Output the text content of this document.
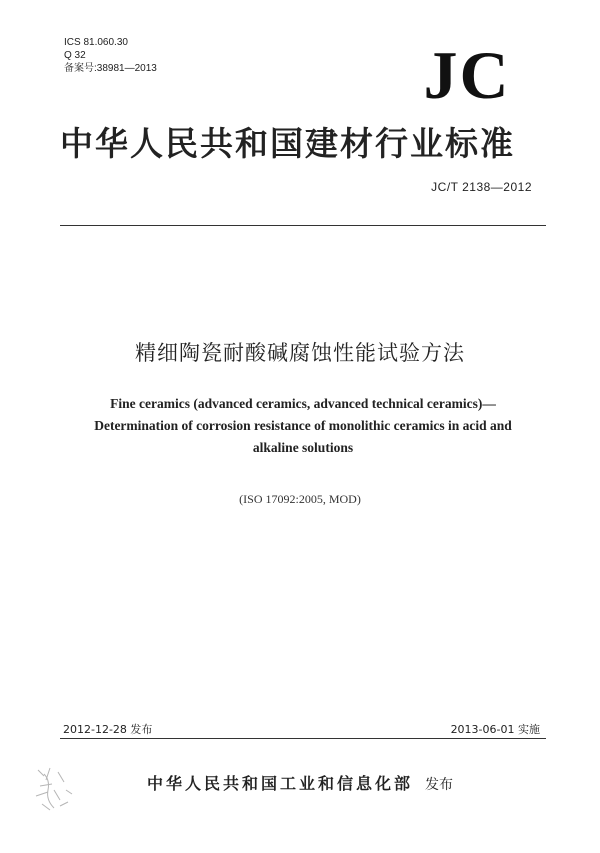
ICS 81.060.30
Q 32
备案号:38981—2013	JC
中华人民共和国建材行业标准
JC/T 2138—2012
精细陶瓷耐酸碱腐蚀性能试验方法
Fine ceramics (advanced ceramics, advanced technical ceramics)—
Determination of corrosion resistance of monolithic ceramics in acid and
alkaline solutions
(ISO 17092:2005, MOD)
2012-12-28 发布	2013-06-01 实施
中华人民共和国工业和信息化部 发布
